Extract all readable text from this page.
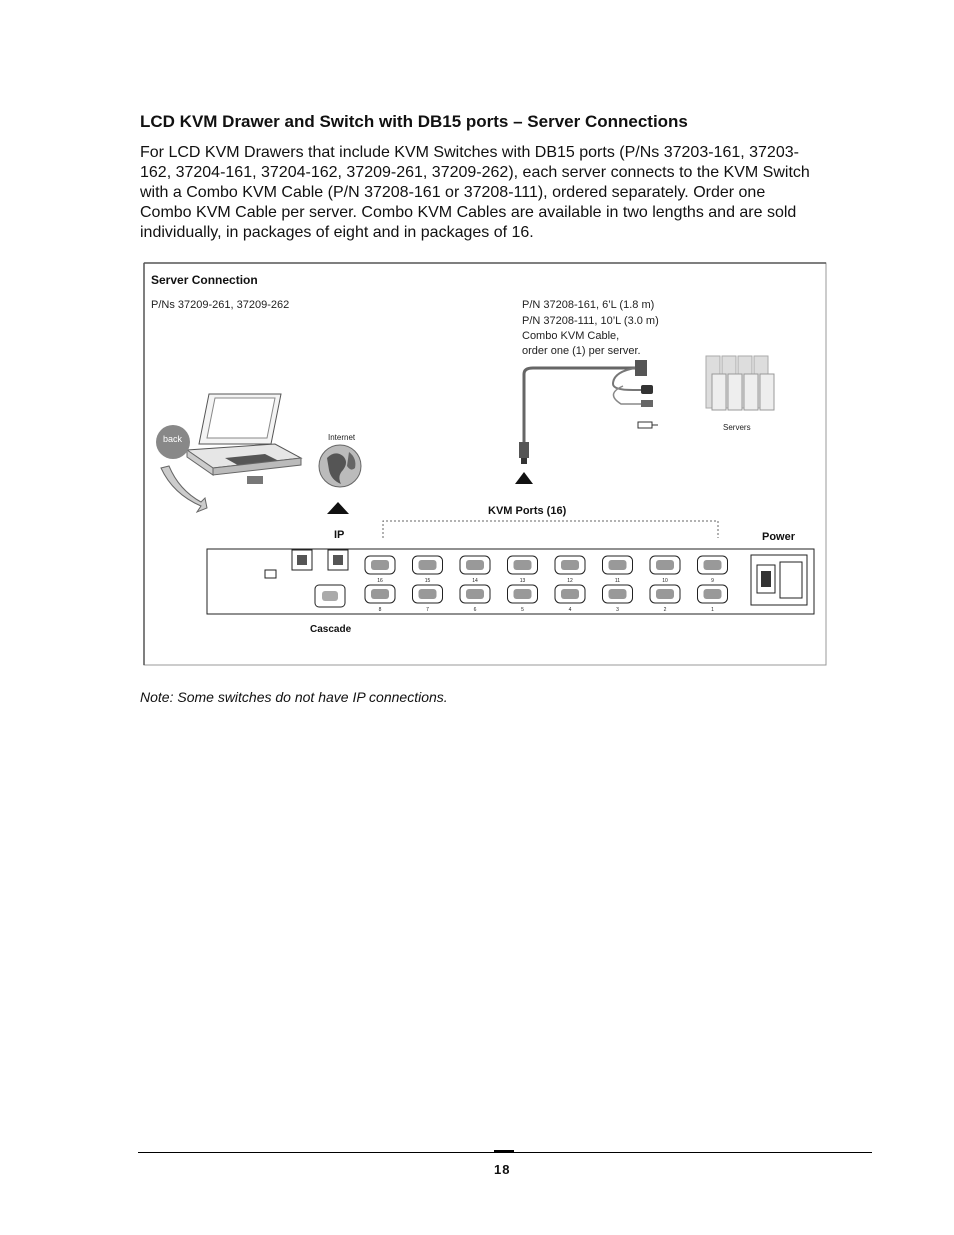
LCD KVM Drawer and Switch with DB15 ports – Server Connections

For LCD KVM Drawers that include KVM Switches with DB15 ports (P/Ns 37203-161, 37203-
162, 37204-161, 37204-162, 37209-261, 37209-262), each server connects to the KVM Switch
with a Combo KVM Cable (P/N 37208-161 or 37208-111), ordered separately. Order one
Combo KVM Cable per server. Combo KVM Cables are available in two lengths and are sold
individually, in packages of eight and in packages of 16.

Server Connection
P/Ns 37209-261, 37209-262	P/N 37208-161, 6’L (1.8 m)
P/N 37208-111, 10’L (3.0 m)
Combo KVM Cable,
order one (1) per server.
Servers
back	Internet
IP
KVM Ports (16)
Power
Cascade
16	15	14	13	12	11	10	9
8	7	6	5	4	3	2	1

Note: Some switches do not have IP connections.

18
